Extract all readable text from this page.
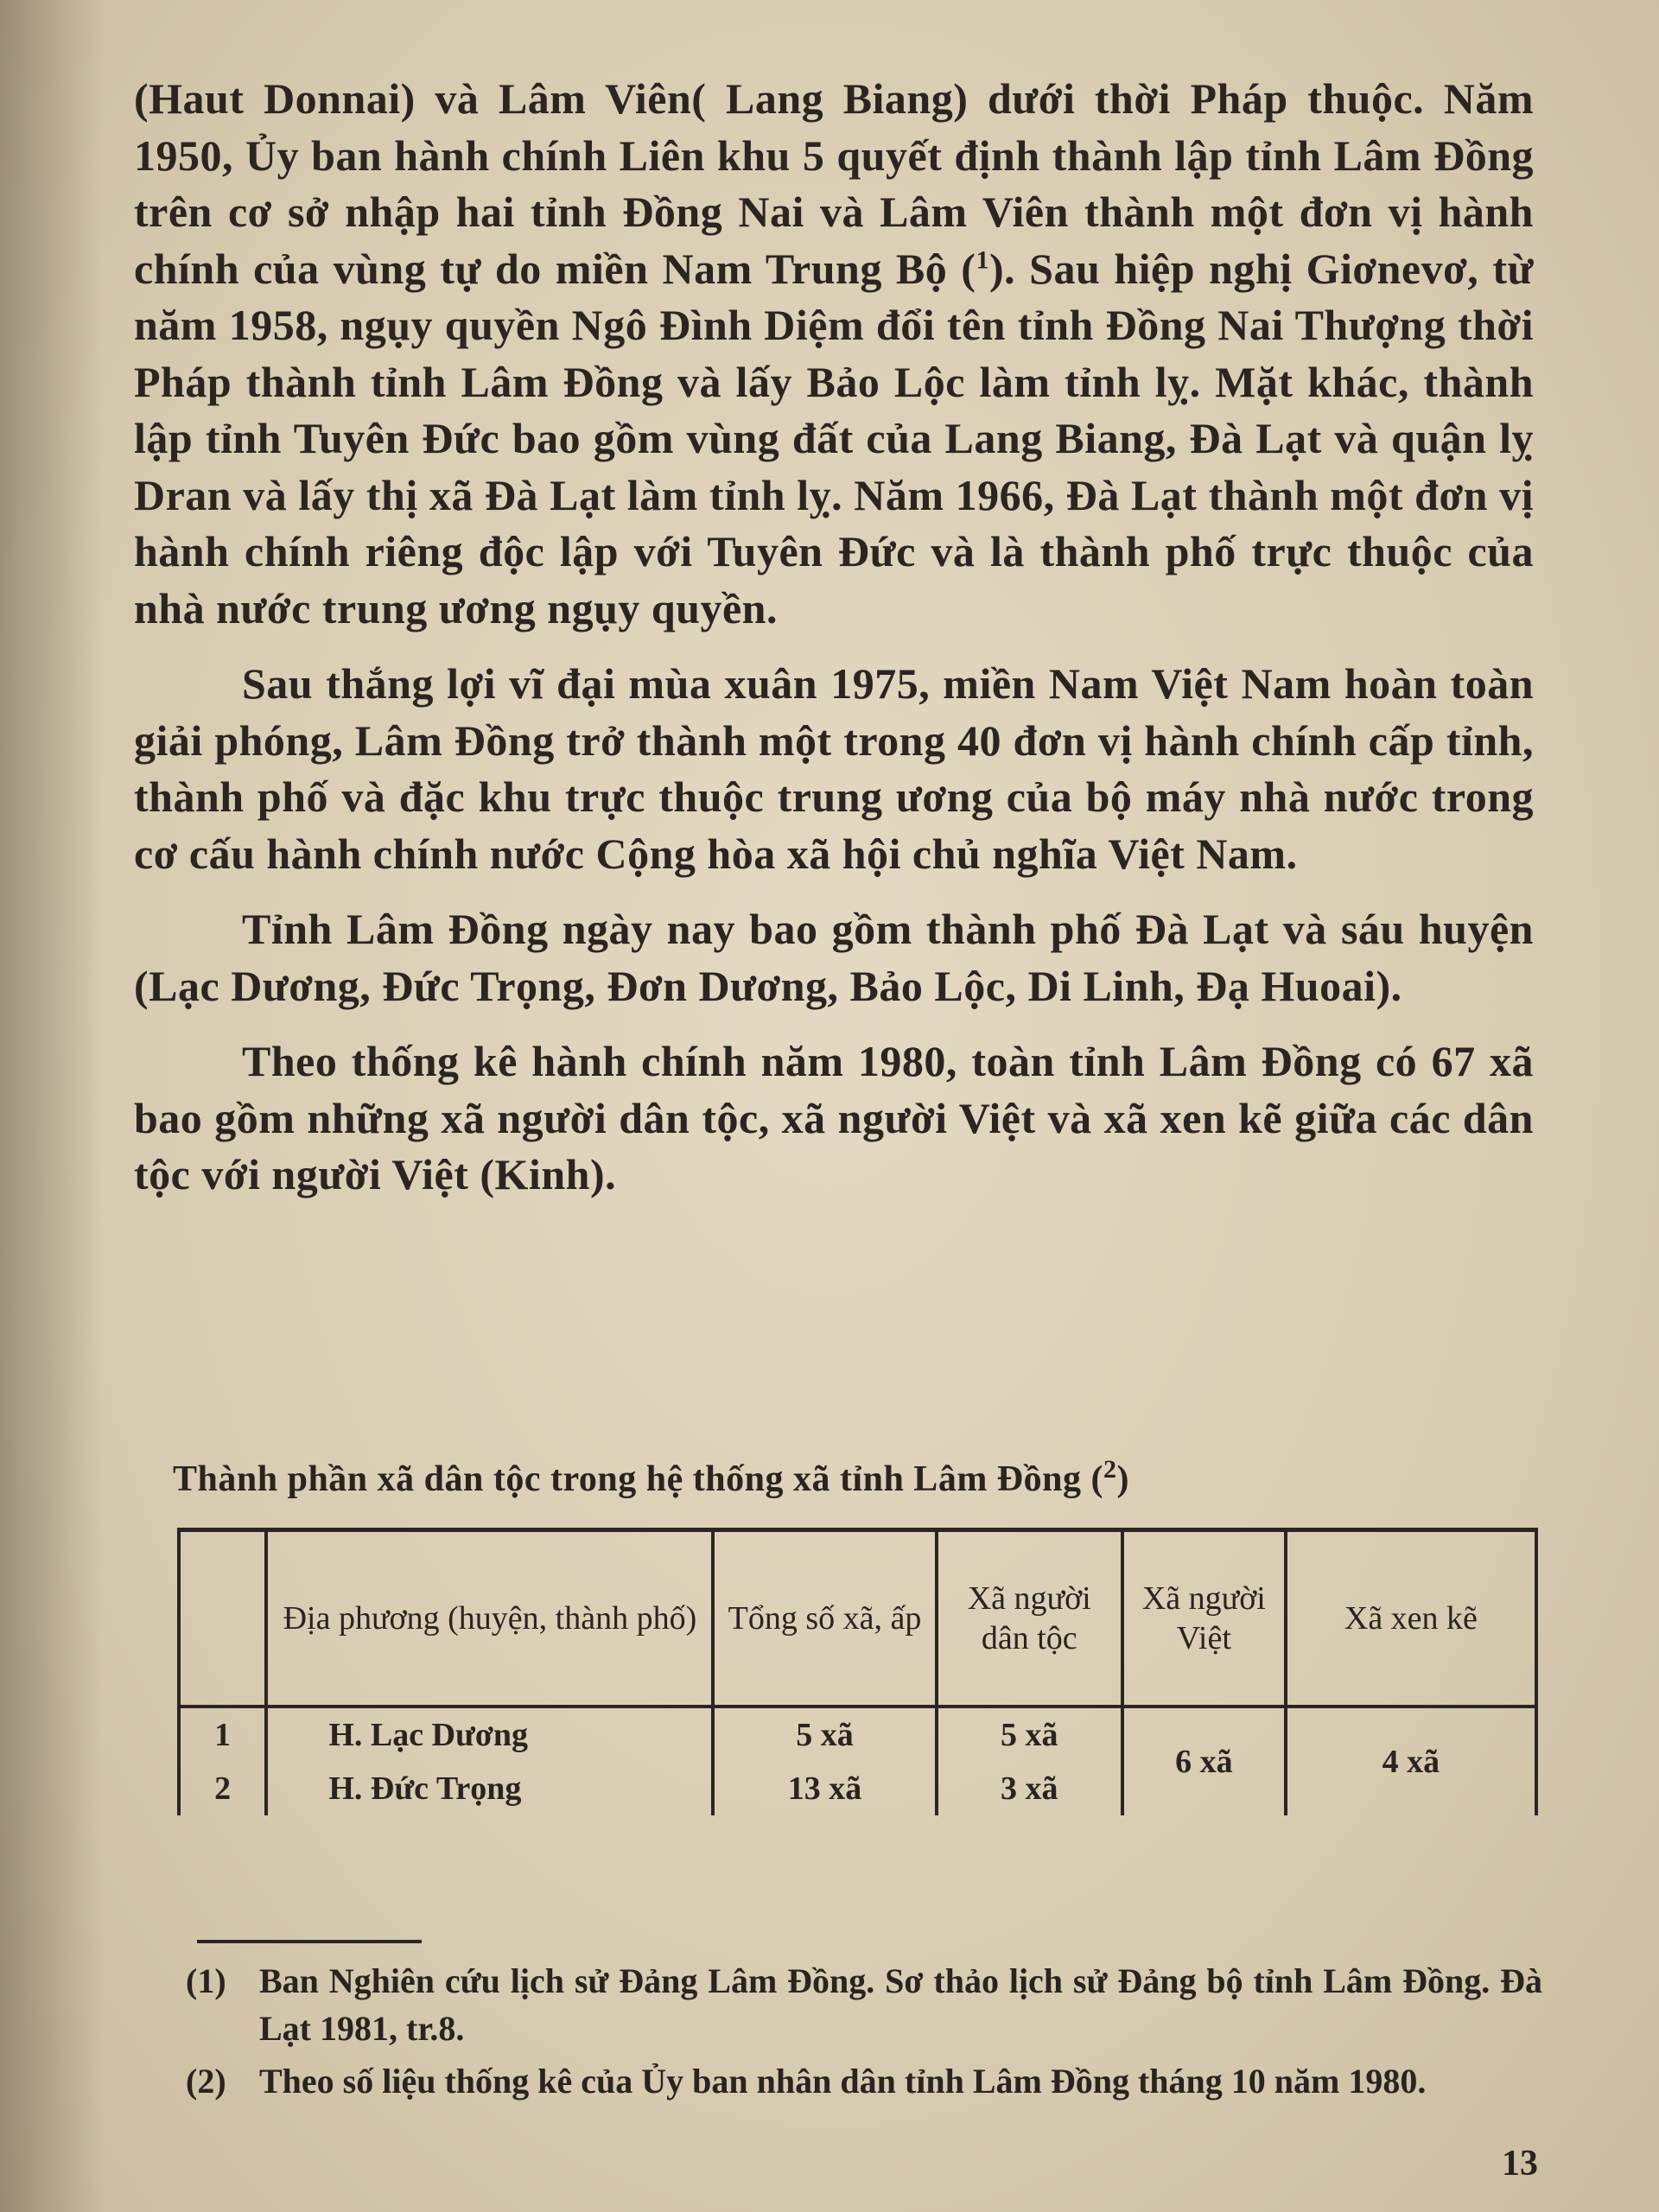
(Haut Donnai) và Lâm Viên( Lang Biang) dưới thời Pháp thuộc. Năm 1950, Ủy ban hành chính Liên khu 5 quyết định thành lập tỉnh Lâm Đồng trên cơ sở nhập hai tỉnh Đồng Nai và Lâm Viên thành một đơn vị hành chính của vùng tự do miền Nam Trung Bộ ($^1$). Sau hiệp nghị Giơnevơ, từ năm 1958, ngụy quyền Ngô Đình Diệm đổi tên tỉnh Đồng Nai Thượng thời Pháp thành tỉnh Lâm Đồng và lấy Bảo Lộc làm tỉnh lỵ. Mặt khác, thành lập tỉnh Tuyên Đức bao gồm vùng đất của Lang Biang, Đà Lạt và quận lỵ Dran và lấy thị xã Đà Lạt làm tỉnh lỵ. Năm 1966, Đà Lạt thành một đơn vị hành chính riêng độc lập với Tuyên Đức và là thành phố trực thuộc của nhà nước trung ương ngụy quyền.

Sau thắng lợi vĩ đại mùa xuân 1975, miền Nam Việt Nam hoàn toàn giải phóng, Lâm Đồng trở thành một trong 40 đơn vị hành chính cấp tỉnh, thành phố và đặc khu trực thuộc trung ương của bộ máy nhà nước trong cơ cấu hành chính nước Cộng hòa xã hội chủ nghĩa Việt Nam.

Tỉnh Lâm Đồng ngày nay bao gồm thành phố Đà Lạt và sáu huyện (Lạc Dương, Đức Trọng, Đơn Dương, Bảo Lộc, Di Linh, Đạ Huoai).

Theo thống kê hành chính năm 1980, toàn tỉnh Lâm Đồng có 67 xã bao gồm những xã người dân tộc, xã người Việt và xã xen kẽ giữa các dân tộc với người Việt (Kinh).

Thành phần xã dân tộc trong hệ thống xã tỉnh Lâm Đồng ($^2$)
	Địa phương (huyện, thành phố)	Tổng số xã, ấp	Xã người dân tộc	Xã người Việt	Xã xen kẽ
1	H. Lạc Dương	5 xã	5 xã	6 xã	4 xã
2	H. Đức Trọng	13 xã	3 xã		
(1) Ban Nghiên cứu lịch sử Đảng Lâm Đồng. Sơ thảo lịch sử Đảng bộ tỉnh Lâm Đồng. Đà Lạt 1981, tr.8.
(2) Theo số liệu thống kê của Ủy ban nhân dân tỉnh Lâm Đồng tháng 10 năm 1980.
13
